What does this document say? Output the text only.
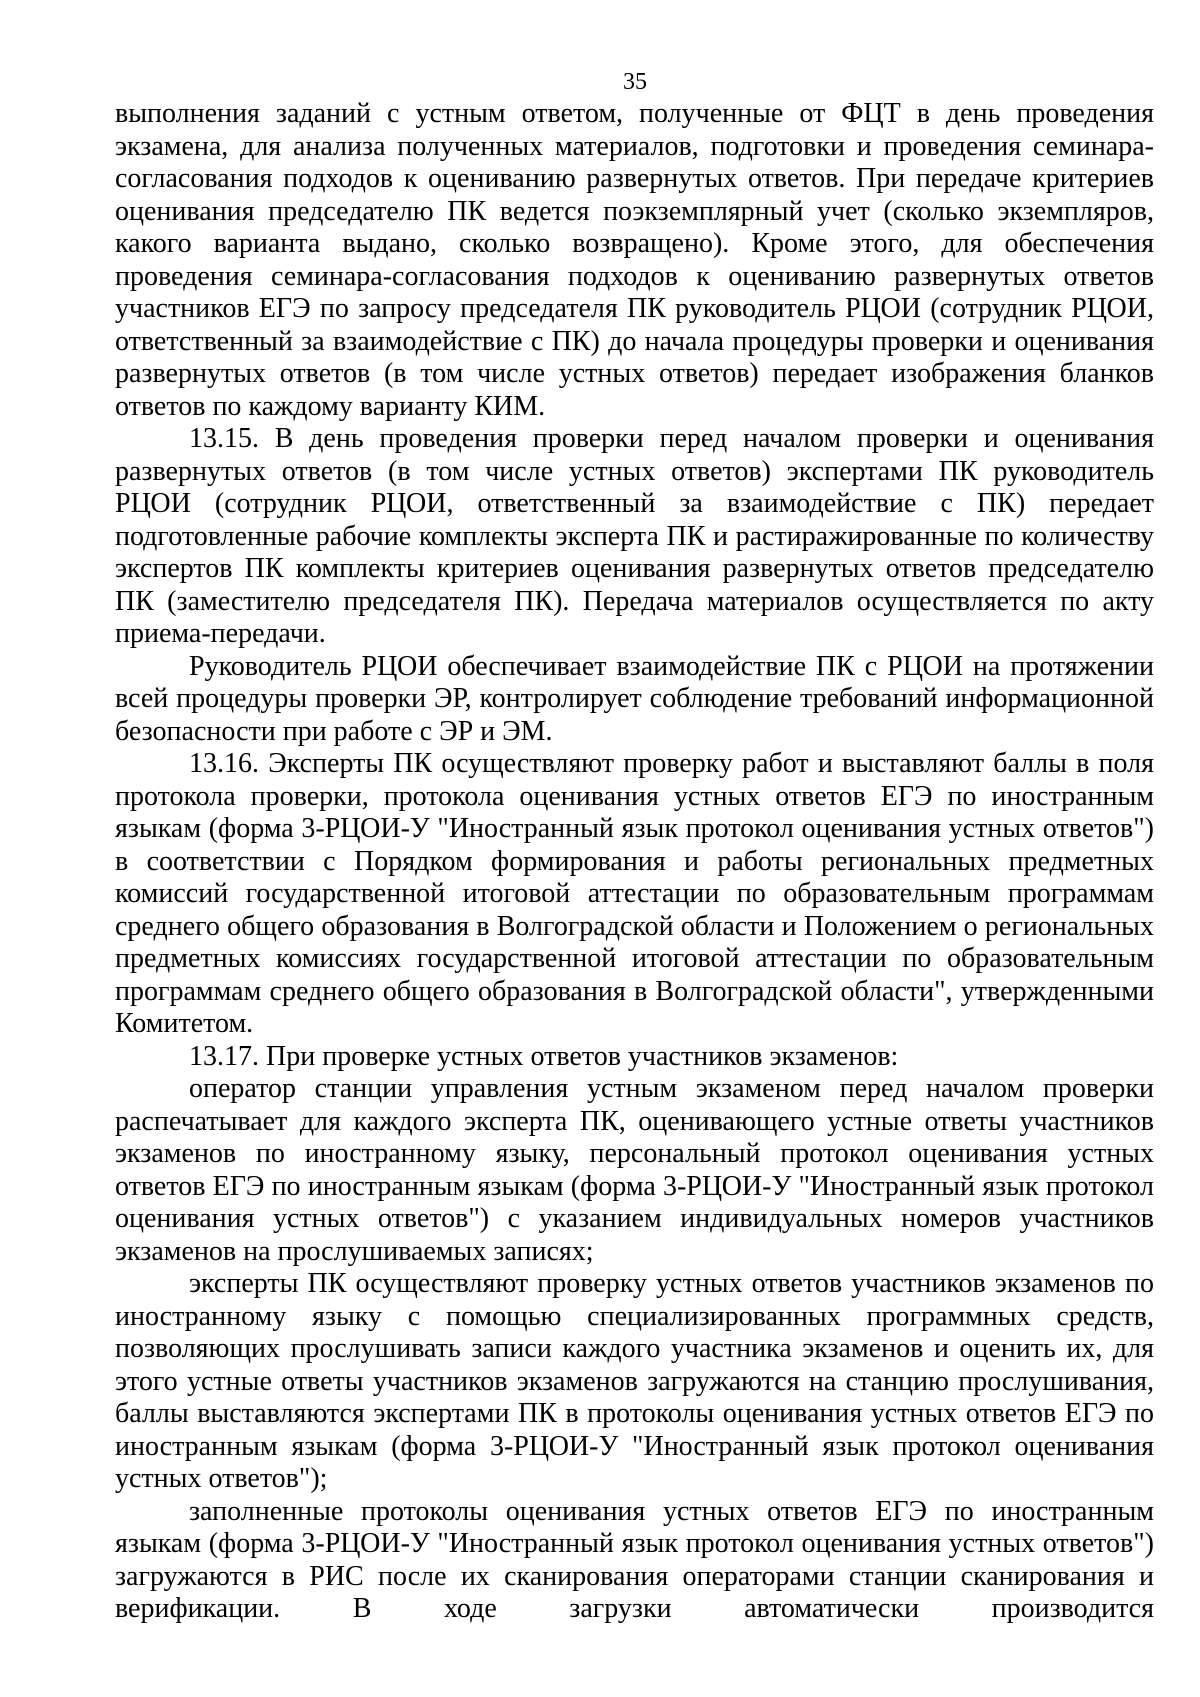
35

выполнения заданий с устным ответом, полученные от ФЦТ в день проведения экзамена, для анализа полученных материалов, подготовки и проведения семинара-согласования подходов к оцениванию развернутых ответов. При передаче критериев оценивания председателю ПК ведется поэкземплярный учет (сколько экземпляров, какого варианта выдано, сколько возвращено). Кроме этого, для обеспечения проведения семинара-согласования подходов к оцениванию развернутых ответов участников ЕГЭ по запросу председателя ПК руководитель РЦОИ (сотрудник РЦОИ, ответственный за взаимодействие с ПК) до начала процедуры проверки и оценивания развернутых ответов (в том числе устных ответов) передает изображения бланков ответов по каждому варианту КИМ.

13.15. В день проведения проверки перед началом проверки и оценивания развернутых ответов (в том числе устных ответов) экспертами ПК руководитель РЦОИ (сотрудник РЦОИ, ответственный за взаимодействие с ПК) передает подготовленные рабочие комплекты эксперта ПК и растиражированные по количеству экспертов ПК комплекты критериев оценивания развернутых ответов председателю ПК (заместителю председателя ПК). Передача материалов осуществляется по акту приема-передачи.

Руководитель РЦОИ обеспечивает взаимодействие ПК с РЦОИ на протяжении всей процедуры проверки ЭР, контролирует соблюдение требований информационной безопасности при работе с ЭР и ЭМ.

13.16. Эксперты ПК осуществляют проверку работ и выставляют баллы в поля протокола проверки, протокола оценивания устных ответов ЕГЭ по иностранным языкам (форма 3-РЦОИ-У "Иностранный язык протокол оценивания устных ответов") в соответствии с Порядком формирования и работы региональных предметных комиссий государственной итоговой аттестации по образовательным программам среднего общего образования в Волгоградской области и Положением о региональных предметных комиссиях государственной итоговой аттестации по образовательным программам среднего общего образования в Волгоградской области", утвержденными Комитетом.

13.17. При проверке устных ответов участников экзаменов:

оператор станции управления устным экзаменом перед началом проверки распечатывает для каждого эксперта ПК, оценивающего устные ответы участников экзаменов по иностранному языку, персональный протокол оценивания устных ответов ЕГЭ по иностранным языкам (форма 3-РЦОИ-У "Иностранный язык протокол оценивания устных ответов") с указанием индивидуальных номеров участников экзаменов на прослушиваемых записях;

эксперты ПК осуществляют проверку устных ответов участников экзаменов по иностранному языку с помощью специализированных программных средств, позволяющих прослушивать записи каждого участника экзаменов и оценить их, для этого устные ответы участников экзаменов загружаются на станцию прослушивания, баллы выставляются экспертами ПК в протоколы оценивания устных ответов ЕГЭ по иностранным языкам (форма 3-РЦОИ-У "Иностранный язык протокол оценивания устных ответов");

заполненные протоколы оценивания устных ответов ЕГЭ по иностранным языкам (форма 3-РЦОИ-У "Иностранный язык протокол оценивания устных ответов") загружаются в РИС после их сканирования операторами станции сканирования и верификации. В ходе загрузки автоматически производится
